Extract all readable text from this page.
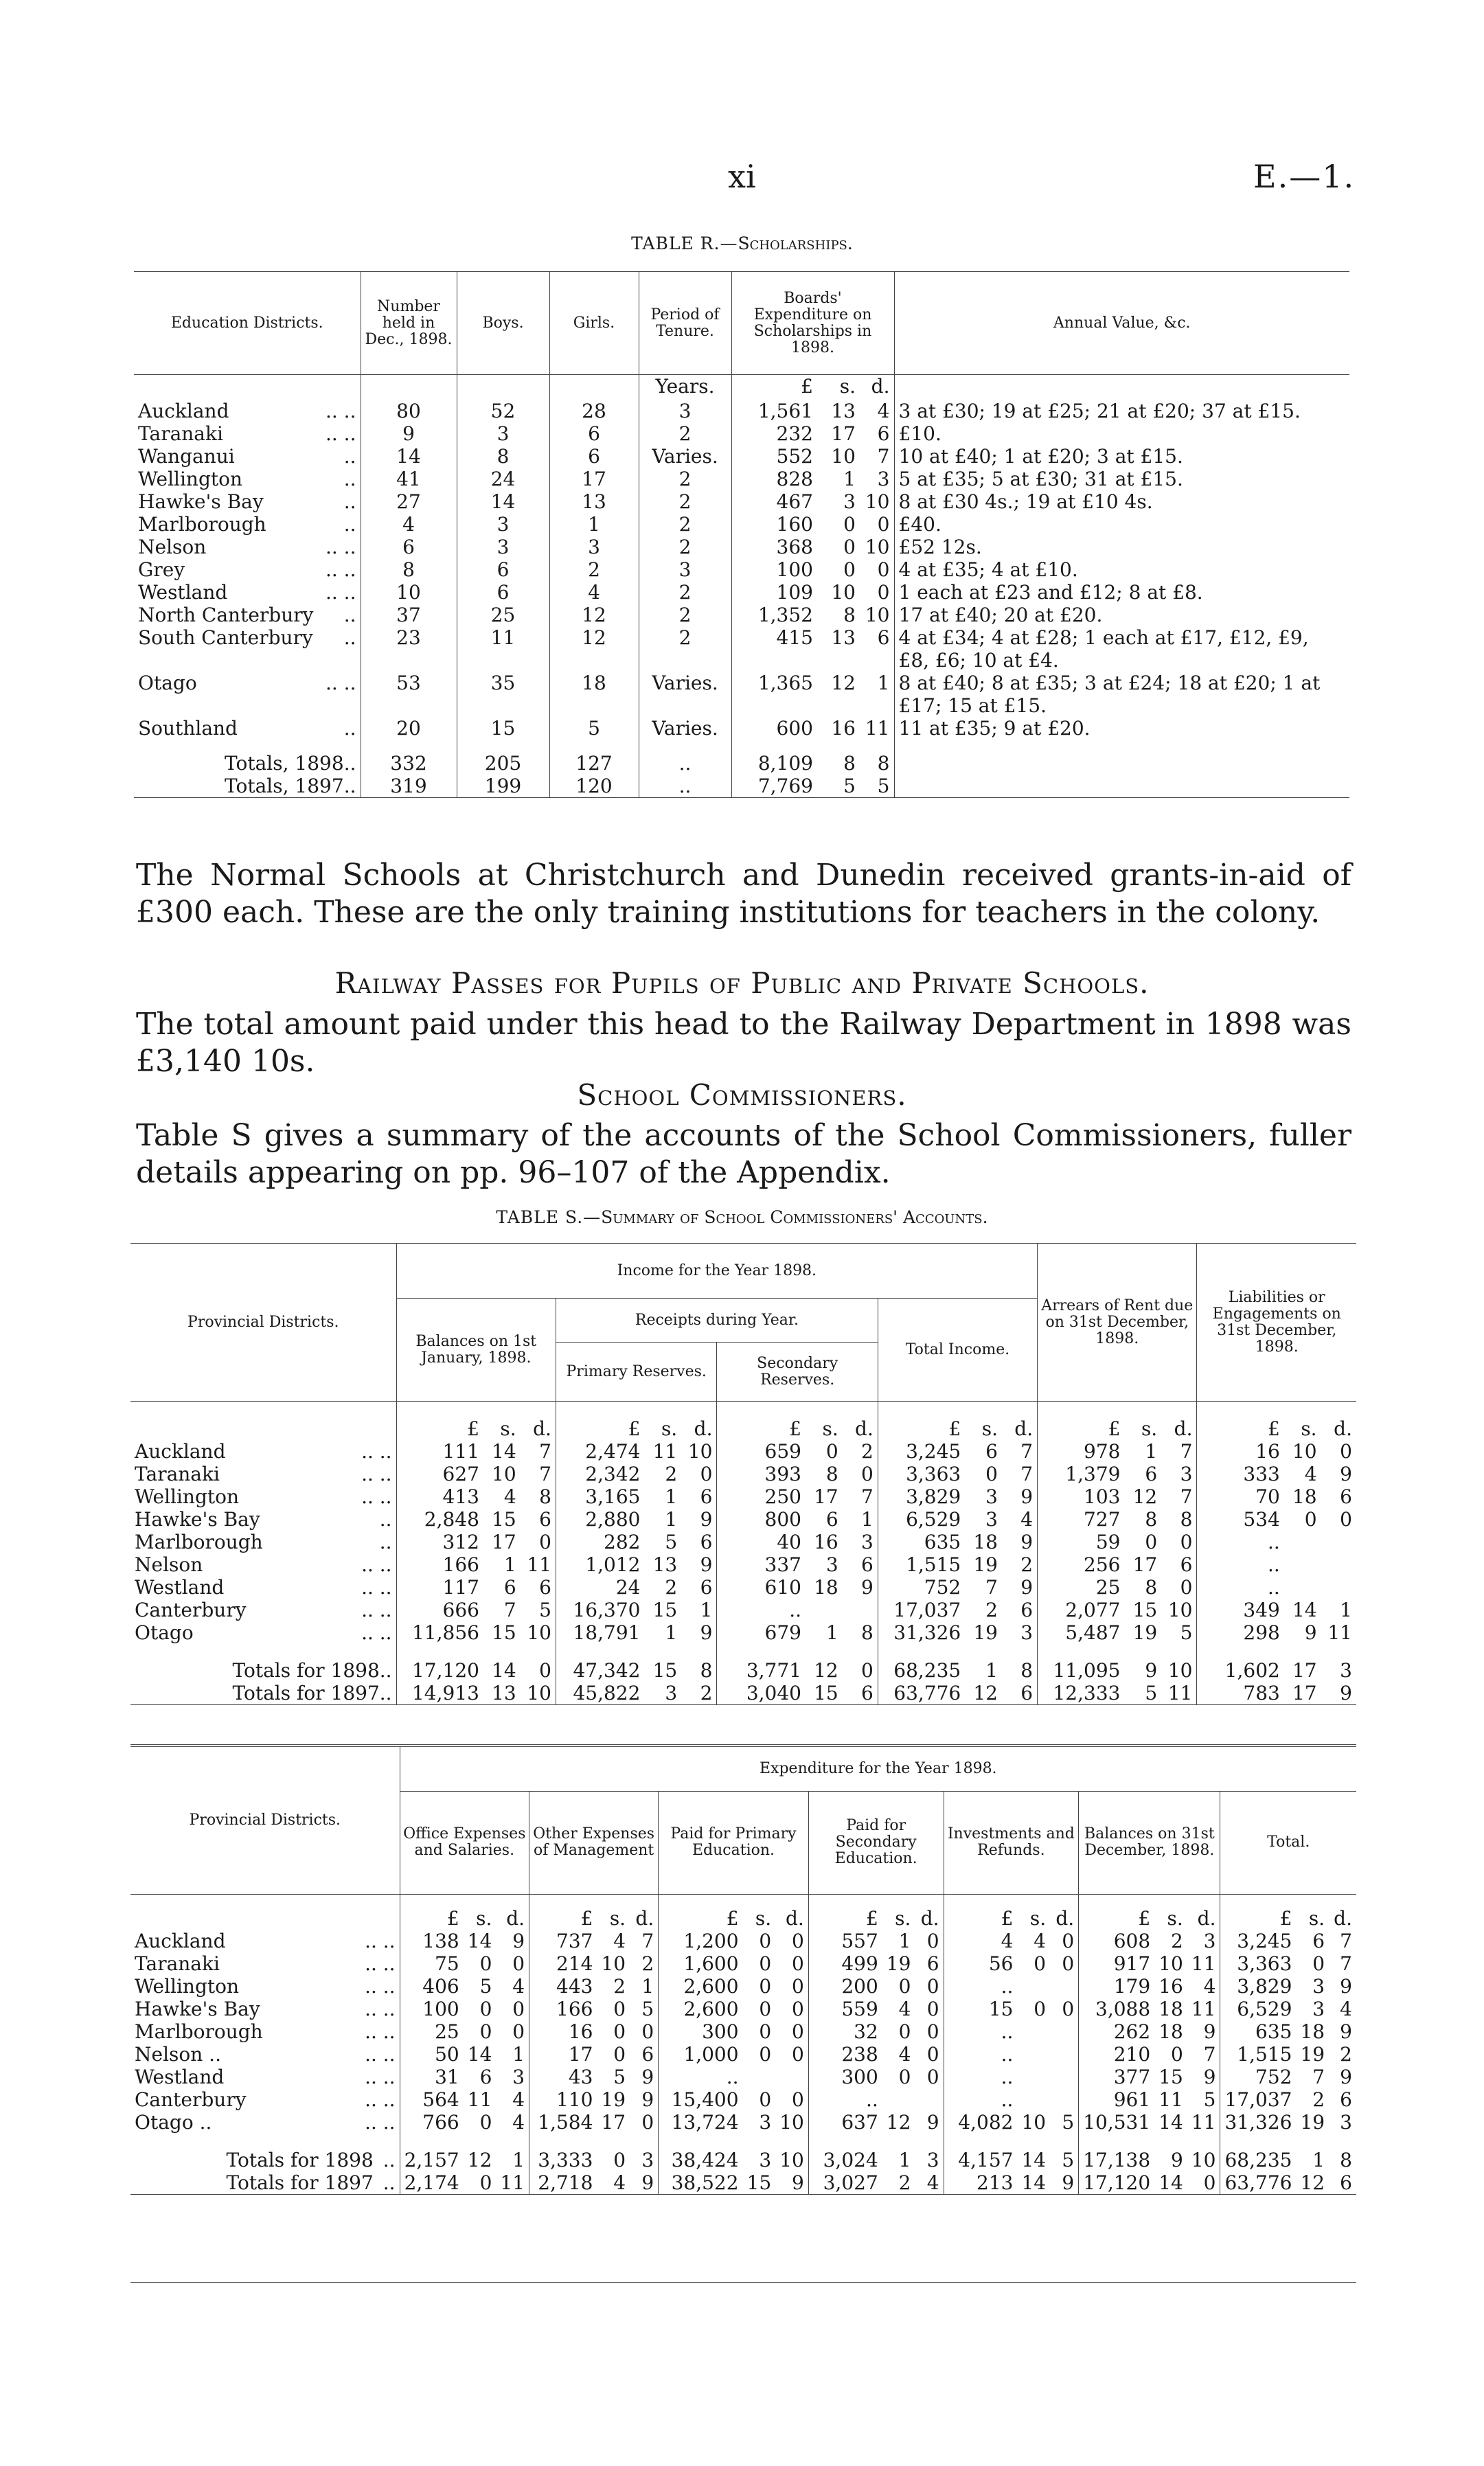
xi	E.—1.
TABLE R.—Scholarships.
Education Districts.	Number held in Dec., 1898.	Boys.	Girls.	Period of Tenure.	Boards' Expenditure on Scholarships in 1898.			Annual Value, &c.
				Years.	£	s.	d.	
Auckland .. ..	80	52	28	3	1,561	13	4	3 at £30; 19 at £25; 21 at £20; 37 at £15.
Taranaki .. ..	9	3	6	2	232	17	6	£10.
Wanganui ..	14	8	6	Varies.	552	10	7	10 at £40; 1 at £20; 3 at £15.
Wellington ..	41	24	17	2	828	1	3	5 at £35; 5 at £30; 31 at £15.
Hawke's Bay ..	27	14	13	2	467	3	10	8 at £30 4s.; 19 at £10 4s.
Marlborough ..	4	3	1	2	160	0	0	£40.
Nelson .. ..	6	3	3	2	368	0	10	£52 12s.
Grey .. ..	8	6	2	3	100	0	0	4 at £35; 4 at £10.
Westland .. ..	10	6	4	2	109	10	0	1 each at £23 and £12; 8 at £8.
North Canterbury ..	37	25	12	2	1,352	8	10	17 at £40; 20 at £20.
South Canterbury ..	23	11	12	2	415	13	6	4 at £34; 4 at £28; 1 each at £17, £12, £9, £8, £6; 10 at £4.
Otago .. ..	53	35	18	Varies.	1,365	12	1	8 at £40; 8 at £35; 3 at £24; 18 at £20; 1 at £17; 15 at £15.
Southland ..	20	15	5	Varies.	600	16	11	11 at £35; 9 at £20.

Totals, 1898..	332	205	127	..	8,109	8	8	
Totals, 1897..	319	199	120	..	7,769	5	5	

The Normal Schools at Christchurch and Dunedin received grants-in-aid of £300 each. These are the only training institutions for teachers in the colony.
Railway Passes for Pupils of Public and Private Schools.
The total amount paid under this head to the Railway Department in 1898 was £3,140 10s.
School Commissioners.
Table S gives a summary of the accounts of the School Commissioners, fuller details appearing on pp. 96–107 of the Appendix.
TABLE S.—Summary of School Commissioners' Accounts.
Provincial Districts.	Income for the Year 1898.												Arrears of Rent due on 31st December, 1898.			Liabilities or Engagements on 31st December, 1898.		
	Balances on 1st January, 1898.			Receipts during Year.						Total Income.								
				Primary Reserves.			Secondary Reserves.											
	£	s.	d.	£	s.	d.	£	s.	d.	£	s.	d.	£	s.	d.	£	s.	d.
Auckland .. ..	111	14	7	2,474	11	10	659	0	2	3,245	6	7	978	1	7	16	10	0
Taranaki .. ..	627	10	7	2,342	2	0	393	8	0	3,363	0	7	1,379	6	3	333	4	9
Wellington .. ..	413	4	8	3,165	1	6	250	17	7	3,829	3	9	103	12	7	70	18	6
Hawke's Bay ..	2,848	15	6	2,880	1	9	800	6	1	6,529	3	4	727	8	8	534	0	0
Marlborough ..	312	17	0	282	5	6	40	16	3	635	18	9	59	0	0	..		
Nelson .. ..	166	1	11	1,012	13	9	337	3	6	1,515	19	2	256	17	6	..		
Westland .. ..	117	6	6	24	2	6	610	18	9	752	7	9	25	8	0	..		
Canterbury .. ..	666	7	5	16,370	15	1	..			17,037	2	6	2,077	15	10	349	14	1
Otago .. ..	11,856	15	10	18,791	1	9	679	1	8	31,326	19	3	5,487	19	5	298	9	11

Totals for 1898..	17,120	14	0	47,342	15	8	3,771	12	0	68,235	1	8	11,095	9	10	1,602	17	3
Totals for 1897..	14,913	13	10	45,822	3	2	3,040	15	6	63,776	12	6	12,333	5	11	783	17	9

Provincial Districts.	Expenditure for the Year 1898.																				
	Office Expenses and Salaries.			Other Expenses of Management			Paid for Primary Education.			Paid for Secondary Education.			Investments and Refunds.			Balances on 31st December, 1898.			Total.		
	£	s.	d.	£	s.	d.	£	s.	d.	£	s.	d.	£	s.	d.	£	s.	d.	£	s.	d.
Auckland .. ..	138	14	9	737	4	7	1,200	0	0	557	1	0	4	4	0	608	2	3	3,245	6	7
Taranaki .. ..	75	0	0	214	10	2	1,600	0	0	499	19	6	56	0	0	917	10	11	3,363	0	7
Wellington .. ..	406	5	4	443	2	1	2,600	0	0	200	0	0	..			179	16	4	3,829	3	9
Hawke's Bay .. ..	100	0	0	166	0	5	2,600	0	0	559	4	0	15	0	0	3,088	18	11	6,529	3	4
Marlborough .. ..	25	0	0	16	0	0	300	0	0	32	0	0	..			262	18	9	635	18	9
Nelson .. .. ..	50	14	1	17	0	6	1,000	0	0	238	4	0	..			210	0	7	1,515	19	2
Westland .. ..	31	6	3	43	5	9	..			300	0	0	..			377	15	9	752	7	9
Canterbury .. ..	564	11	4	110	19	9	15,400	0	0	..			..			961	11	5	17,037	2	6
Otago .. .. ..	766	0	4	1,584	17	0	13,724	3	10	637	12	9	4,082	10	5	10,531	14	11	31,326	19	3

Totals for 1898 ..	2,157	12	1	3,333	0	3	38,424	3	10	3,024	1	3	4,157	14	5	17,138	9	10	68,235	1	8
Totals for 1897 ..	2,174	0	11	2,718	4	9	38,522	15	9	3,027	2	4	213	14	9	17,120	14	0	63,776	12	6
